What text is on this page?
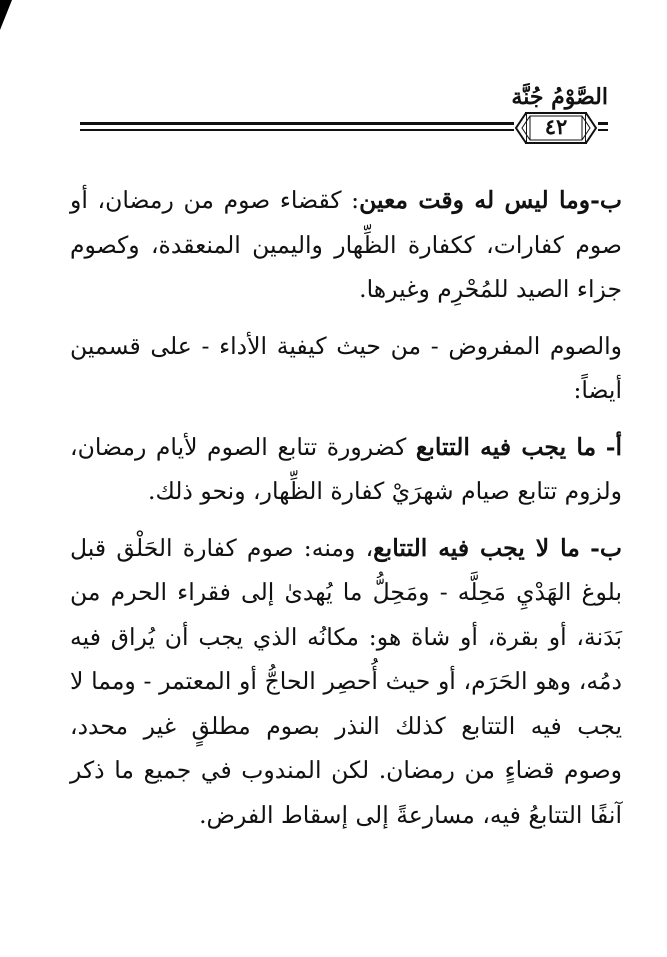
الصَّوْمُ جُنَّة
٤٢

ب-وما ليس له وقت معين: كقضاء صوم من رمضان، أو صوم كفارات، ككفارة الظِّهار واليمين المنعقدة، وكصوم جزاء الصيد للمُحْرِم وغيرها.

والصوم المفروض - من حيث كيفية الأداء - على قسمين أيضاً:

أ- ما يجب فيه التتابع كضرورة تتابع الصوم لأيام رمضان، ولزوم تتابع صيام شهرَيْ كفارة الظِّهار، ونحو ذلك.

ب- ما لا يجب فيه التتابع، ومنه: صوم كفارة الحَلْق قبل بلوغ الهَدْيِ مَحِلَّه - ومَحِلُّ ما يُهدىٰ إلى فقراء الحرم من بَدَنة، أو بقرة، أو شاة هو: مكانُه الذي يجب أن يُراق فيه دمُه، وهو الحَرَم، أو حيث أُحصِر الحاجُّ أو المعتمر - ومما لا يجب فيه التتابع كذلك النذر بصوم مطلقٍ غير محدد، وصوم قضاءٍ من رمضان. لكن المندوب في جميع ما ذكر آنفًا التتابعُ فيه، مسارعةً إلى إسقاط الفرض.
